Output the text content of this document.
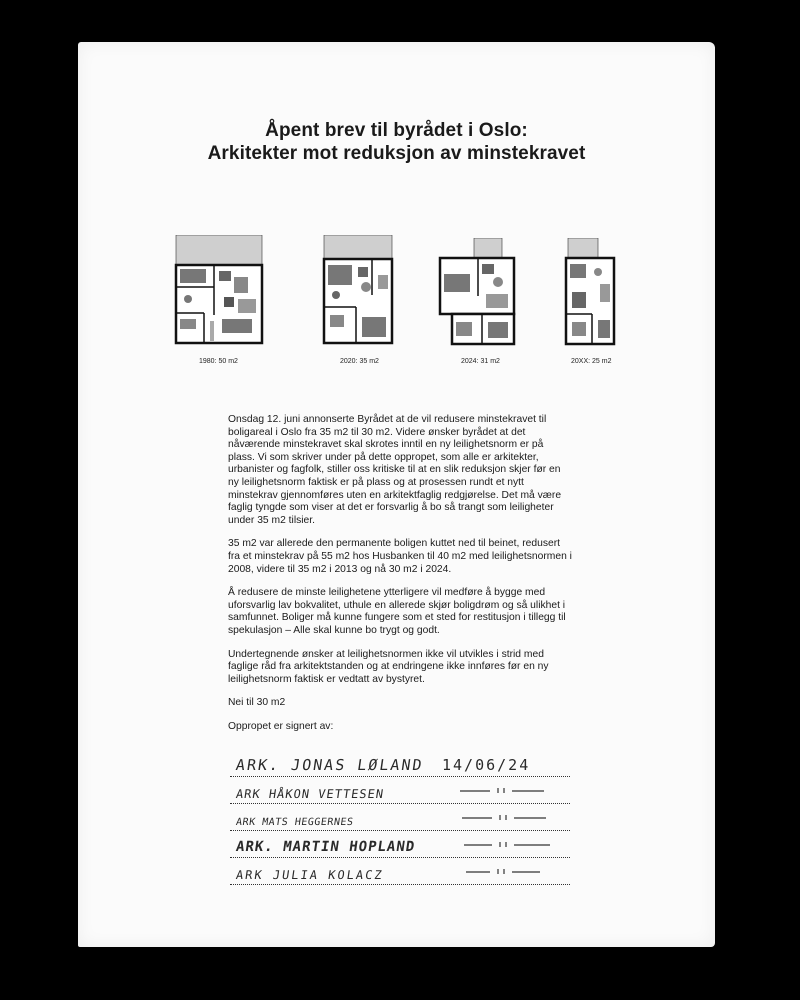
Åpent brev til byrådet i Oslo:
Arkitekter mot reduksjon av minstekravet
1980: 50 m2	2020: 35 m2	2024: 31 m2	20XX: 25 m2

Onsdag 12. juni annonserte Byrådet at de vil redusere minstekravet til boligareal i Oslo fra 35 m2 til 30 m2. Videre ønsker byrådet at det nåværende minstekravet skal skrotes inntil en ny leilighetsnorm er på plass. Vi som skriver under på dette oppropet, som alle er arkitekter, urbanister og fagfolk, stiller oss kritiske til at en slik reduksjon skjer før en ny leilighetsnorm faktisk er på plass og at prosessen rundt et nytt minstekrav gjennomføres uten en arkitektfaglig redgjørelse. Det må være faglig tyngde som viser at det er forsvarlig å bo så trangt som leiligheter under 35 m2 tilsier.

35 m2 var allerede den permanente boligen kuttet ned til beinet, redusert fra et minstekrav på 55 m2 hos Husbanken til 40 m2 med leilighetsnormen i 2008, videre til 35 m2 i 2013 og nå 30 m2 i 2024.

Å redusere de minste leilighetene ytterligere vil medføre å bygge med uforsvarlig lav bokvalitet, uthule en allerede skjør boligdrøm og så ulikhet i samfunnet. Boliger må kunne fungere som et sted for restitusjon i tillegg til spekulasjon – Alle skal kunne bo trygt og godt.

Undertegnende ønsker at leilighetsnormen ikke vil utvikles i strid med faglige råd fra arkitektstanden og at endringene ikke innføres før en ny leilighetsnorm faktisk er vedtatt av bystyret.

Nei til 30 m2

Oppropet er signert av:

ARK. JONAS LØLAND 14/06/24
ARK HÅKON VETTESEN
ARK MATS HEGGERNES
ARK. MARTIN HOPLAND
ARK JULIA KOLACZ
